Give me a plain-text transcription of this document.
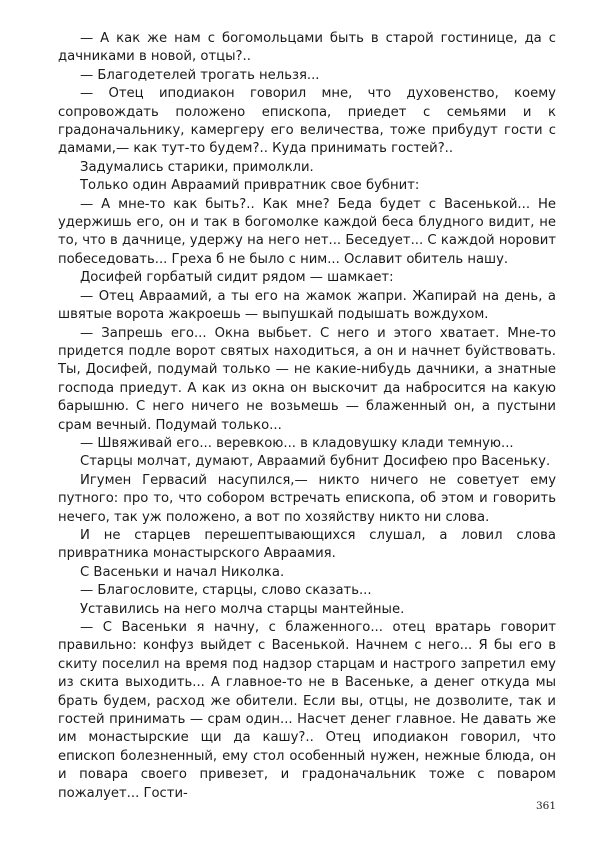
— А как же нам с богомольцами быть в старой гостинице, да с дачниками в новой, отцы?..

— Благодетелей трогать нельзя...

— Отец иподиакон говорил мне, что духовенство, коему сопровождать положено епископа, приедет с семьями и к градоначальнику, камергеру его величества, тоже прибудут гости с дамами,— как тут-то будем?.. Куда принимать гостей?..

Задумались старики, примолкли.

Только один Авраамий привратник свое бубнит:

— А мне-то как быть?.. Как мне? Беда будет с Васенькой... Не удержишь его, он и так в богомолке каждой беса блудного видит, не то, что в дачнице, удержу на него нет... Беседует... С каждой норовит побеседовать... Греха б не было с ним... Ославит обитель нашу.

Досифей горбатый сидит рядом — шамкает:

— Отец Авраамий, а ты его на жамок жапри. Жапирай на день, а швятые ворота жакроешь — выпушкай подышать вождухом.

— Запрешь его... Окна выбьет. С него и этого хватает. Мне-то придется подле ворот святых находиться, а он и начнет буйствовать. Ты, Досифей, подумай только — не какие-нибудь дачники, а знатные господа приедут. А как из окна он выскочит да набросится на какую барышню. С него ничего не возьмешь — блаженный он, а пустыни срам вечный. Подумай только...

— Швяживай его... веревкою... в кладовушку клади темную...

Старцы молчат, думают, Авраамий бубнит Досифею про Васеньку.

Игумен Гервасий насупился,— никто ничего не советует ему путного: про то, что собором встречать епископа, об этом и говорить нечего, так уж положено, а вот по хозяйству никто ни слова.

И не старцев перешептывающихся слушал, а ловил слова привратника монастырского Авраамия.

С Васеньки и начал Николка.

— Благословите, старцы, слово сказать...

Уставились на него молча старцы мантейные.

— С Васеньки я начну, с блаженного... отец вратарь говорит правильно: конфуз выйдет с Васенькой. Начнем с него... Я бы его в скиту поселил на время под надзор старцам и настрого запретил ему из скита выходить... А главное-то не в Васеньке, а денег откуда мы брать будем, расход же обители. Если вы, отцы, не дозволите, так и гостей принимать — срам один... Насчет денег главное. Не давать же им монастырские щи да кашу?.. Отец иподиакон говорил, что епископ болезненный, ему стол особенный нужен, нежные блюда, он и повара своего привезет, и градоначальник тоже с поваром пожалует... Гости-

361
